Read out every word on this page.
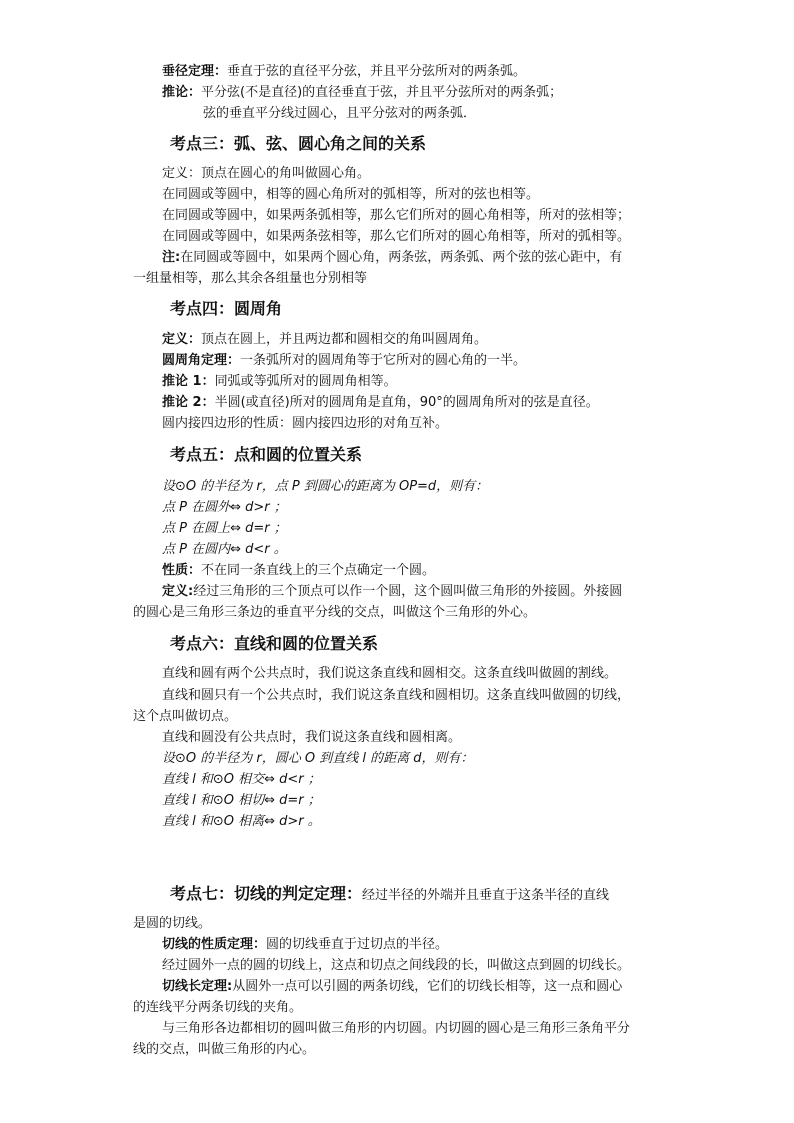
垂径定理：垂直于弦的直径平分弦，并且平分弦所对的两条弧。
推论：平分弦(不是直径)的直径垂直于弦，并且平分弦所对的两条弧；
弦的垂直平分线过圆心，且平分弦对的两条弧．
考点三：弧、弦、圆心角之间的关系
定义：顶点在圆心的角叫做圆心角。
在同圆或等圆中，相等的圆心角所对的弧相等，所对的弦也相等。
在同圆或等圆中，如果两条弧相等，那么它们所对的圆心角相等，所对的弦相等；
在同圆或等圆中，如果两条弦相等，那么它们所对的圆心角相等，所对的弧相等。
注:在同圆或等圆中，如果两个圆心角，两条弦，两条弧、两个弦的弦心距中，有
一组量相等，那么其余各组量也分别相等
考点四：圆周角
定义：顶点在圆上，并且两边都和圆相交的角叫圆周角。
圆周角定理：一条弧所对的圆周角等于它所对的圆心角的一半。
推论 1：同弧或等弧所对的圆周角相等。
推论 2：半圆(或直径)所对的圆周角是直角，90°的圆周角所对的弦是直径。
圆内接四边形的性质：圆内接四边形的对角互补。
考点五：点和圆的位置关系
设⊙O 的半径为 r，点 P 到圆心的距离为 OP=d，则有：
点 P 在圆外⇔ d>r ；
点 P 在圆上⇔ d=r ；
点 P 在圆内⇔ d<r 。
性质：不在同一条直线上的三个点确定一个圆。
定义:经过三角形的三个顶点可以作一个圆，这个圆叫做三角形的外接圆。外接圆
的圆心是三角形三条边的垂直平分线的交点，叫做这个三角形的外心。
考点六：直线和圆的位置关系
直线和圆有两个公共点时，我们说这条直线和圆相交。这条直线叫做圆的割线。
直线和圆只有一个公共点时，我们说这条直线和圆相切。这条直线叫做圆的切线，
这个点叫做切点。
直线和圆没有公共点时，我们说这条直线和圆相离。
设⊙O 的半径为 r，圆心 O 到直线 l 的距离 d，则有：
直线 l 和⊙O 相交⇔ d<r ；
直线 l 和⊙O 相切⇔ d=r ；
直线 l 和⊙O 相离⇔ d>r 。
考点七：切线的判定定理：经过半径的外端并且垂直于这条半径的直线
是圆的切线。
切线的性质定理：圆的切线垂直于过切点的半径。
经过圆外一点的圆的切线上，这点和切点之间线段的长，叫做这点到圆的切线长。
切线长定理:从圆外一点可以引圆的两条切线，它们的切线长相等，这一点和圆心
的连线平分两条切线的夹角。
与三角形各边都相切的圆叫做三角形的内切圆。内切圆的圆心是三角形三条角平分
线的交点，叫做三角形的内心。
